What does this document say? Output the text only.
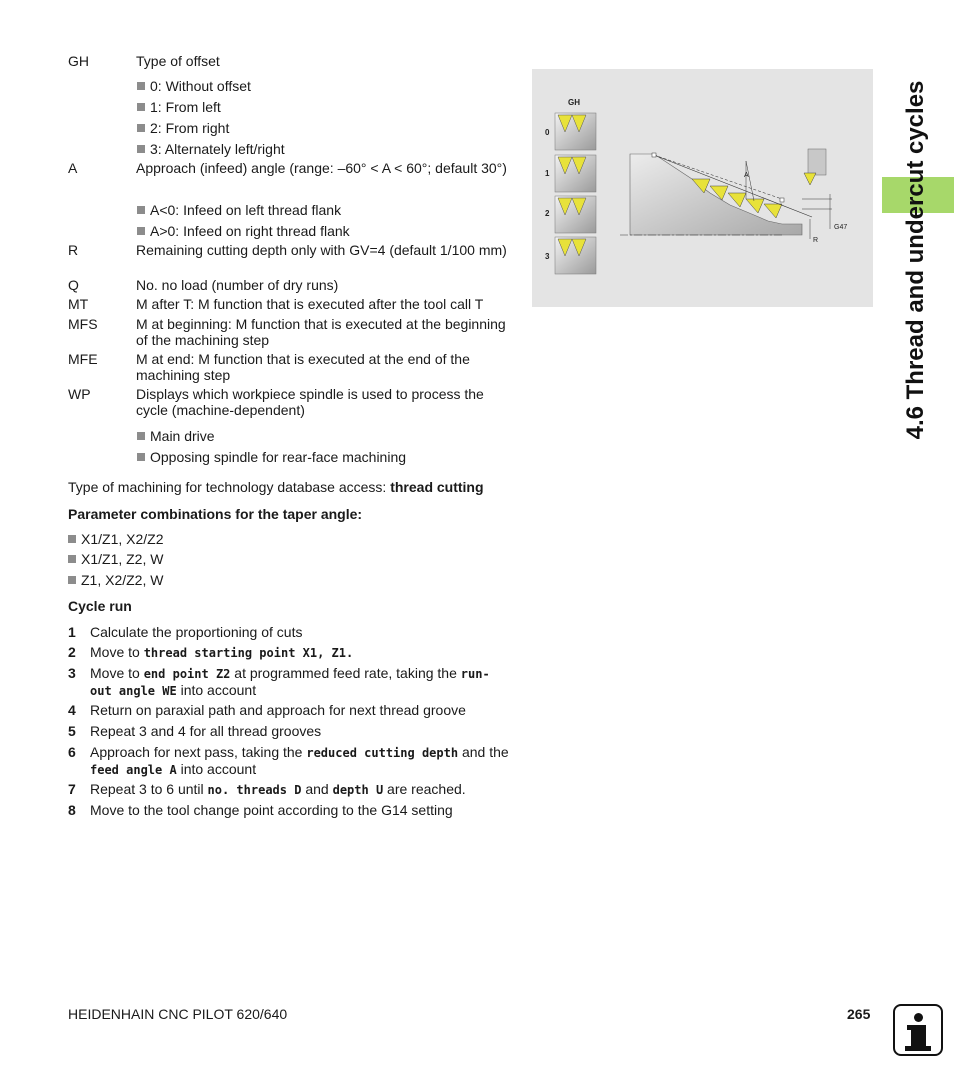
4.6 Thread and undercut cycles
GH	Type of offset
0: Without offset
1: From left
2: From right
3: Alternately left/right
A	Approach (infeed) angle (range: –60° < A < 60°; default 30°)
A<0: Infeed on left thread flank
A>0: Infeed on right thread flank
R	Remaining cutting depth only with GV=4 (default 1/100 mm)
Q	No. no load (number of dry runs)
MT	M after T: M function that is executed after the tool call T
MFS	M at beginning: M function that is executed at the beginning of the machining step
MFE	M at end: M function that is executed at the end of the machining step
WP	Displays which workpiece spindle is used to process the cycle (machine-dependent)
Main drive
Opposing spindle for rear-face machining
Type of machining for technology database access: thread cutting
Parameter combinations for the taper angle:
X1/Z1, X2/Z2
X1/Z1, Z2, W
Z1, X2/Z2, W
Cycle run
1 Calculate the proportioning of cuts
2 Move to thread starting point X1, Z1.
3 Move to end point Z2 at programmed feed rate, taking the run-out angle WE into account
4 Return on paraxial path and approach for next thread groove
5 Repeat 3 and 4 for all thread grooves
6 Approach for next pass, taking the reduced cutting depth and the feed angle A into account
7 Repeat 3 to 6 until no. threads D and depth U are reached.
8 Move to the tool change point according to the G14 setting
GH
0
1
2
3
A
G47
R
HEIDENHAIN CNC PILOT 620/640	265
